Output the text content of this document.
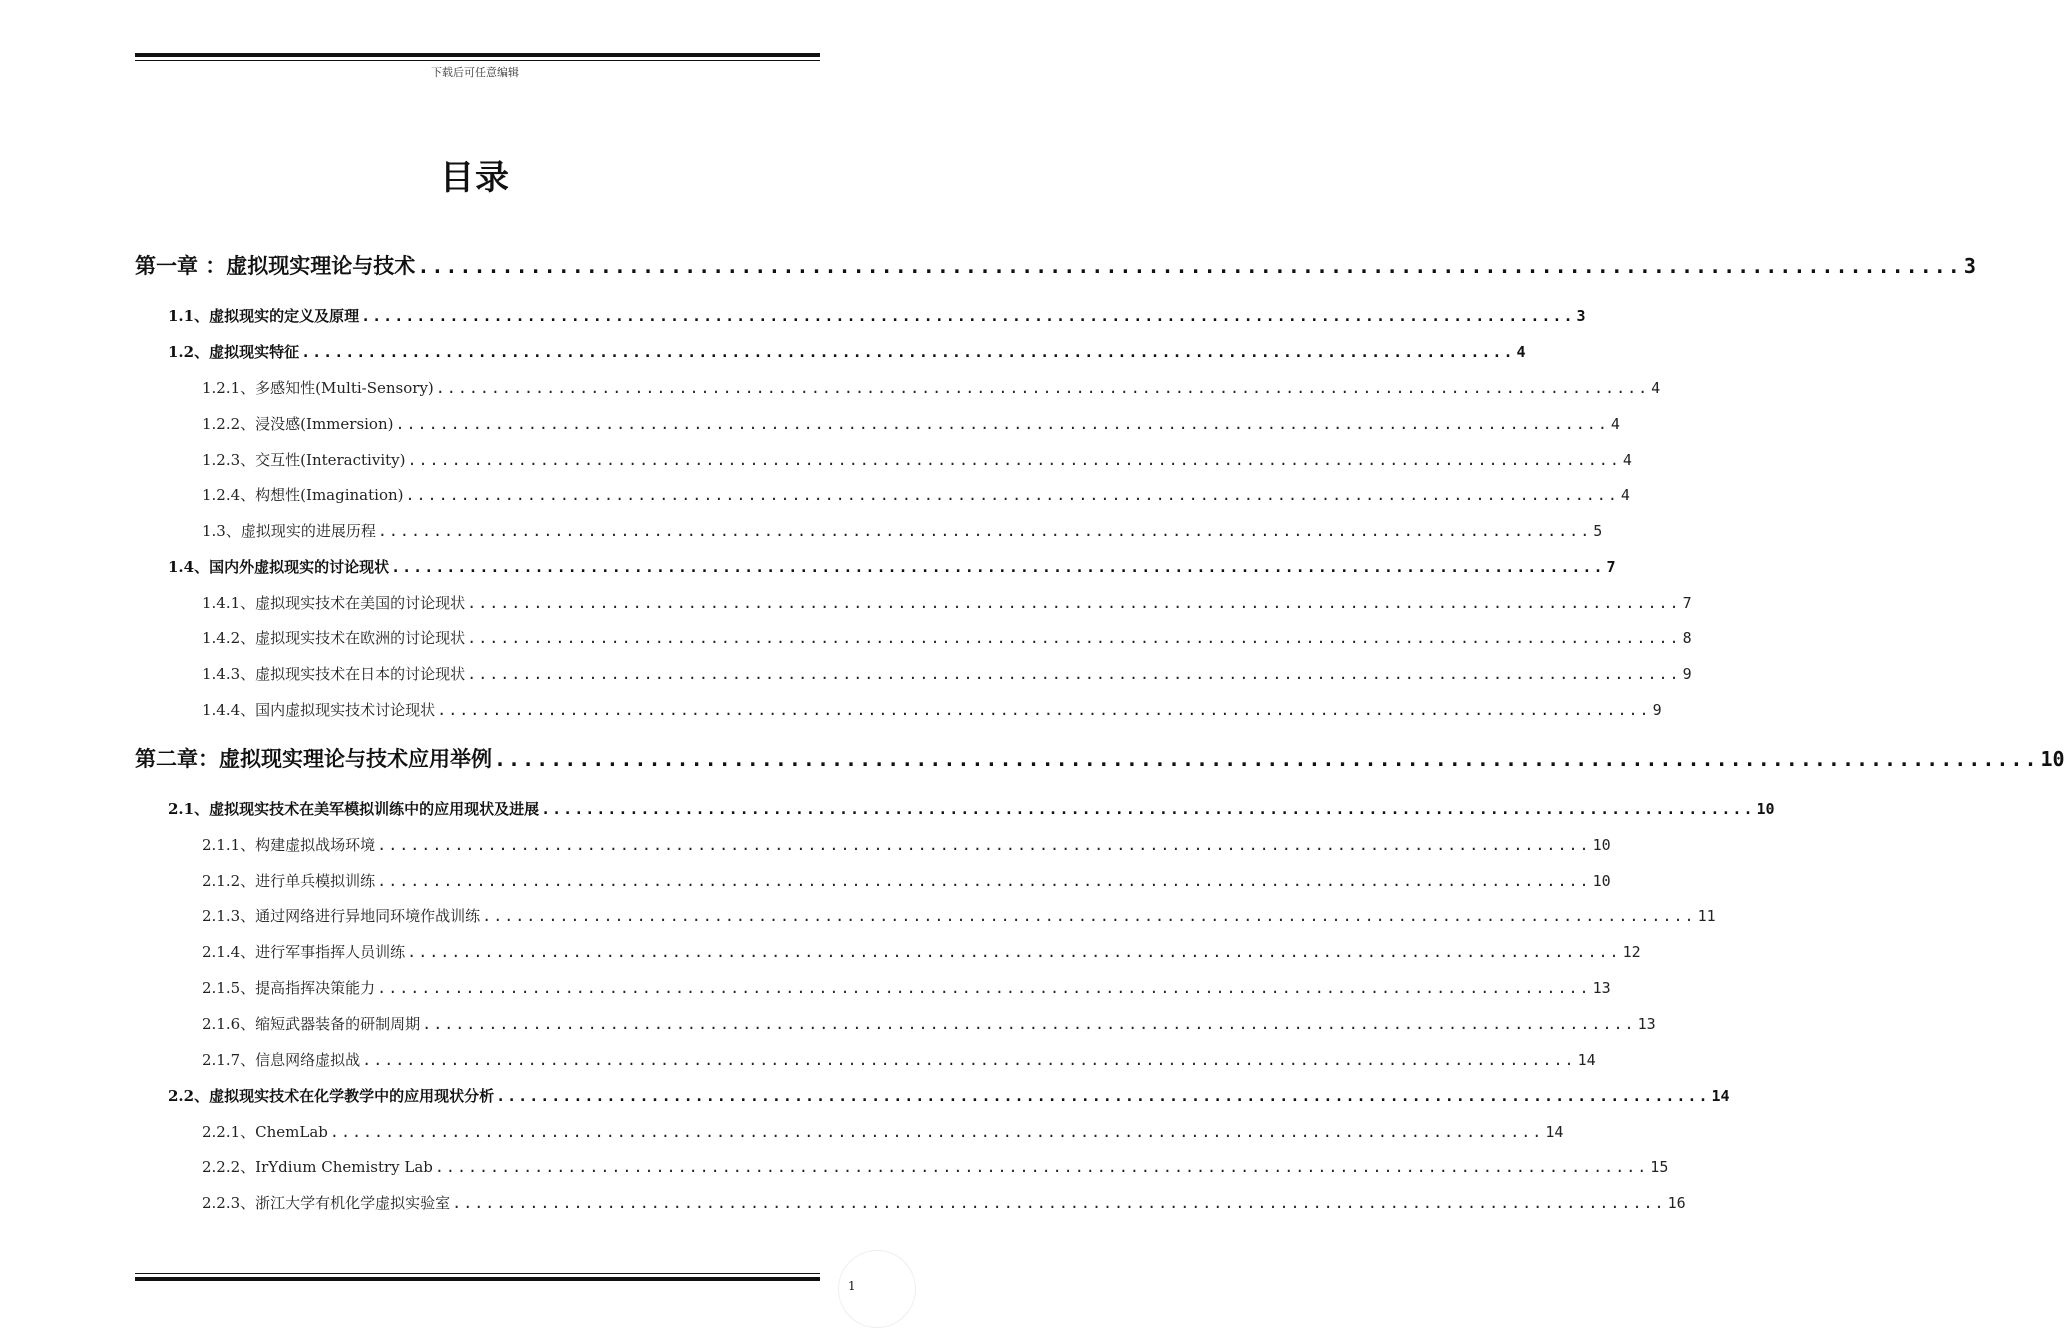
下载后可任意编辑
目录
第一章 ：虚拟现实理论与技术 .............................................................................................................. 3
1.1、虚拟现实的定义及原理 .............................................................................................................. 3
1.2、虚拟现实特征 .............................................................................................................. 4
1.2.1、多感知性(Multi-Sensory) .............................................................................................................. 4
1.2.2、浸没感(Immersion) .............................................................................................................. 4
1.2.3、交互性(Interactivity) .............................................................................................................. 4
1.2.4、构想性(Imagination) .............................................................................................................. 4
1.3、虚拟现实的进展历程 .............................................................................................................. 5
1.4、国内外虚拟现实的讨论现状 .............................................................................................................. 7
1.4.1、虚拟现实技术在美国的讨论现状 .............................................................................................................. 7
1.4.2、虚拟现实技术在欧洲的讨论现状 .............................................................................................................. 8
1.4.3、虚拟现实技术在日本的讨论现状 .............................................................................................................. 9
1.4.4、国内虚拟现实技术讨论现状 .............................................................................................................. 9
第二章：虚拟现实理论与技术应用举例 .............................................................................................................. 10
2.1、虚拟现实技术在美军模拟训练中的应用现状及进展 .............................................................................................................. 10
2.1.1、构建虚拟战场环境 .............................................................................................................. 10
2.1.2、进行单兵模拟训练 .............................................................................................................. 10
2.1.3、通过网络进行异地同环境作战训练 .............................................................................................................. 11
2.1.4、进行军事指挥人员训练 .............................................................................................................. 12
2.1.5、提高指挥决策能力 .............................................................................................................. 13
2.1.6、缩短武器装备的研制周期 .............................................................................................................. 13
2.1.7、信息网络虚拟战 .............................................................................................................. 14
2.2、虚拟现实技术在化学教学中的应用现状分析 .............................................................................................................. 14
2.2.1、ChemLab .............................................................................................................. 14
2.2.2、IrYdium Chemistry Lab .............................................................................................................. 15
2.2.3、浙江大学有机化学虚拟实验室 .............................................................................................................. 16
1
